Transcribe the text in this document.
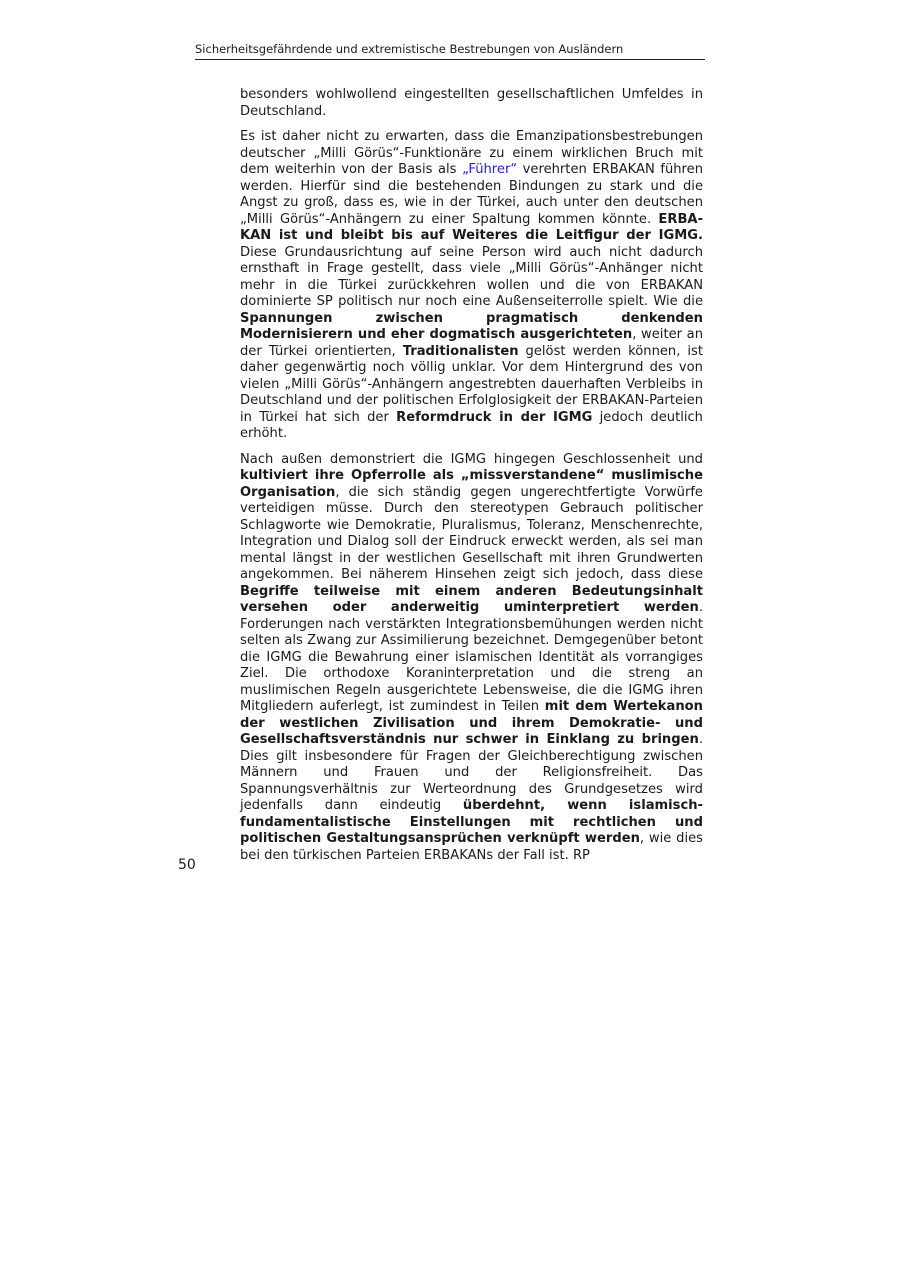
Sicherheitsgefährdende und extremistische Bestrebungen von Ausländern

besonders wohlwollend eingestellten gesellschaftlichen Umfeldes in Deutschland.

Es ist daher nicht zu erwarten, dass die Emanzipationsbestrebungen deutscher „Milli Görüs“-Funktionäre zu einem wirklichen Bruch mit dem weiterhin von der Basis als „Führer“ verehrten ERBAKAN führen werden. Hierfür sind die bestehenden Bindungen zu stark und die Angst zu groß, dass es, wie in der Türkei, auch unter den deutschen „Milli Görüs“-Anhängern zu einer Spaltung kommen könnte. ERBAKAN ist und bleibt bis auf Weiteres die Leitfigur der IGMG. Diese Grundausrichtung auf seine Person wird auch nicht dadurch ernsthaft in Frage gestellt, dass viele „Milli Görüs“-Anhänger nicht mehr in die Türkei zurückkehren wollen und die von ERBAKAN dominierte SP politisch nur noch eine Außenseiterrolle spielt. Wie die Spannungen zwischen pragmatisch denkenden Modernisierern und eher dogmatisch ausgerichteten, weiter an der Türkei orientierten, Traditionalisten gelöst werden können, ist daher gegenwärtig noch völlig unklar. Vor dem Hintergrund des von vielen „Milli Görüs“-Anhängern angestrebten dauerhaften Verbleibs in Deutschland und der politischen Erfolglosigkeit der ERBAKAN-Parteien in Türkei hat sich der Reformdruck in der IGMG jedoch deutlich erhöht.

Nach außen demonstriert die IGMG hingegen Geschlossenheit und kultiviert ihre Opferrolle als „missverstandene“ muslimische Organisation, die sich ständig gegen ungerechtfertigte Vorwürfe verteidigen müsse. Durch den stereotypen Gebrauch politischer Schlagworte wie Demokratie, Pluralismus, Toleranz, Menschenrechte, Integration und Dialog soll der Eindruck erweckt werden, als sei man mental längst in der westlichen Gesellschaft mit ihren Grundwerten angekommen. Bei näherem Hinsehen zeigt sich jedoch, dass diese Begriffe teilweise mit einem anderen Bedeutungsinhalt versehen oder anderweitig uminterpretiert werden. Forderungen nach verstärkten Integrationsbemühungen werden nicht selten als Zwang zur Assimilierung bezeichnet. Demgegenüber betont die IGMG die Bewahrung einer islamischen Identität als vorrangiges Ziel. Die orthodoxe Koraninterpretation und die streng an muslimischen Regeln ausgerichtete Lebensweise, die die IGMG ihren Mitgliedern auferlegt, ist zumindest in Teilen mit dem Wertekanon der westlichen Zivilisation und ihrem Demokratie- und Gesellschaftsverständnis nur schwer in Einklang zu bringen. Dies gilt insbesondere für Fragen der Gleichberechtigung zwischen Männern und Frauen und der Religionsfreiheit. Das Spannungsverhältnis zur Werteordnung des Grundgesetzes wird jedenfalls dann eindeutig überdehnt, wenn islamisch-fundamentalistische Einstellungen mit rechtlichen und politischen Gestaltungsansprüchen verknüpft werden, wie dies bei den türkischen Parteien ERBAKANs der Fall ist. RP

50
